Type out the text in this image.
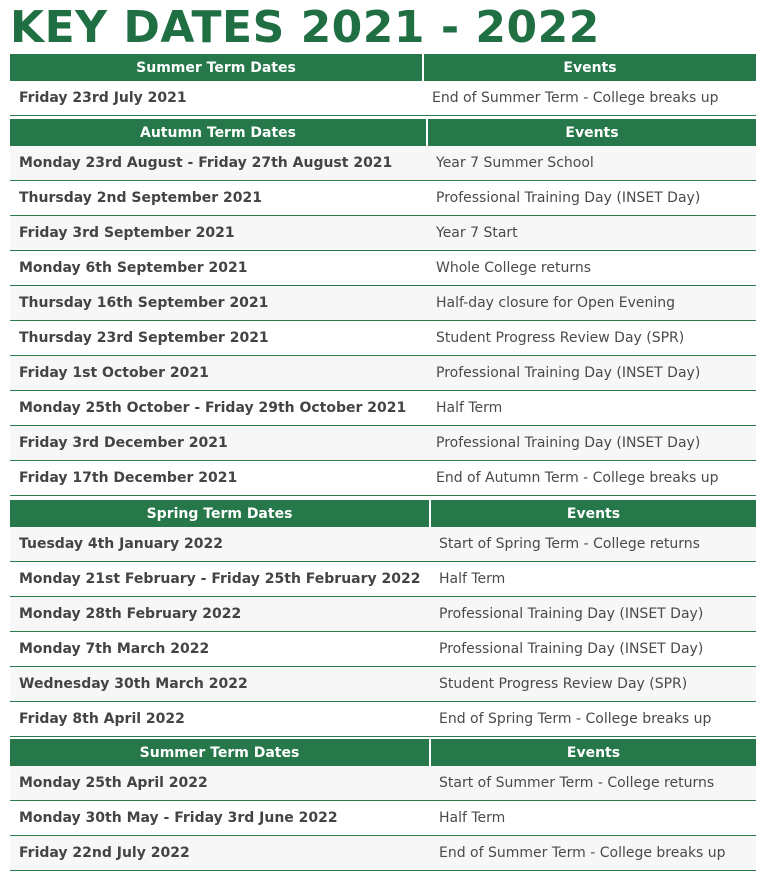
KEY DATES 2021 - 2022
Summer Term Dates	Events
Friday 23rd July 2021	End of Summer Term - College breaks up
Autumn Term Dates	Events
Monday 23rd August - Friday 27th August 2021	Year 7 Summer School
Thursday 2nd September 2021	Professional Training Day (INSET Day)
Friday 3rd September 2021	Year 7 Start
Monday 6th September 2021	Whole College returns
Thursday 16th September 2021	Half-day closure for Open Evening
Thursday 23rd September 2021	Student Progress Review Day (SPR)
Friday 1st October 2021	Professional Training Day (INSET Day)
Monday 25th October - Friday 29th October 2021	Half Term
Friday 3rd December 2021	Professional Training Day (INSET Day)
Friday 17th December 2021	End of Autumn Term - College breaks up
Spring Term Dates	Events
Tuesday 4th January 2022	Start of Spring Term - College returns
Monday 21st February - Friday 25th February 2022	Half Term
Monday 28th February 2022	Professional Training Day (INSET Day)
Monday 7th March 2022	Professional Training Day (INSET Day)
Wednesday 30th March 2022	Student Progress Review Day (SPR)
Friday 8th April 2022	End of Spring Term - College breaks up
Summer Term Dates	Events
Monday 25th April 2022	Start of Summer Term - College returns
Monday 30th May - Friday 3rd June 2022	Half Term
Friday 22nd July 2022	End of Summer Term - College breaks up
